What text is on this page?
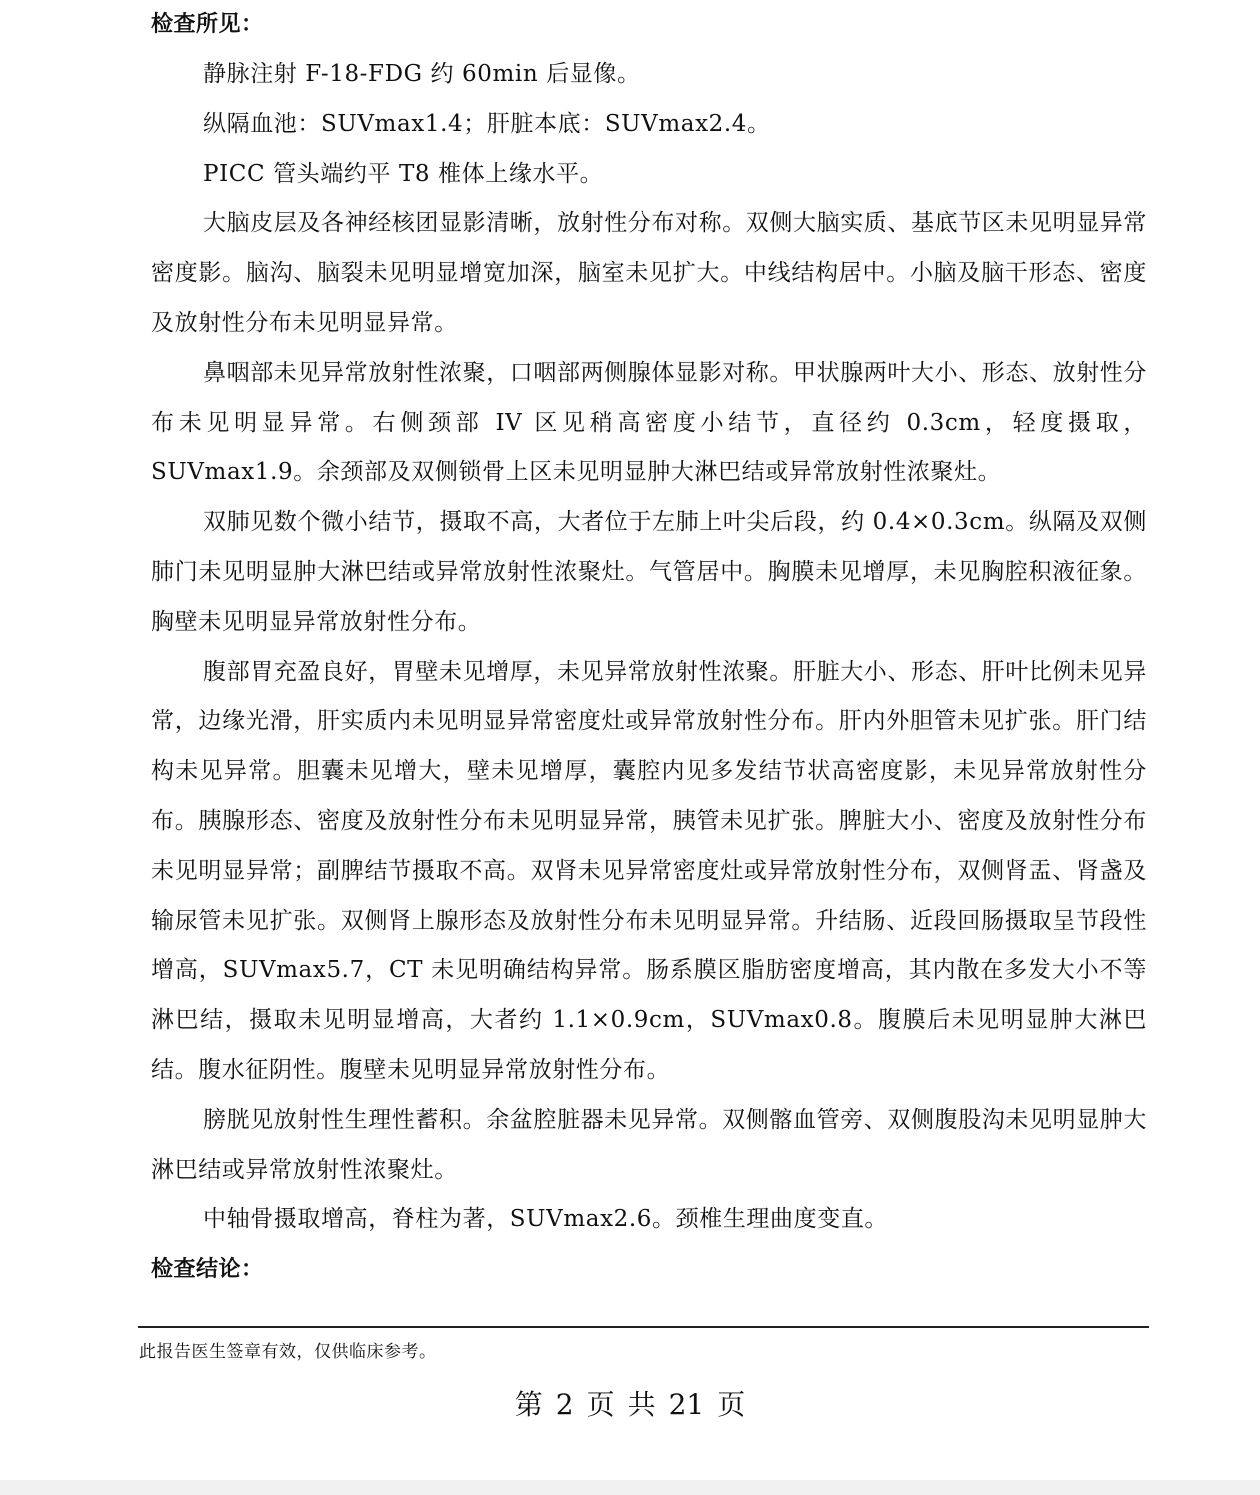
检查所见：

静脉注射 F-18-FDG 约 60min 后显像。

纵隔血池：SUVmax1.4；肝脏本底：SUVmax2.4。

PICC 管头端约平 T8 椎体上缘水平。

大脑皮层及各神经核团显影清晰，放射性分布对称。双侧大脑实质、基底节区未见明显异常密度影。脑沟、脑裂未见明显增宽加深，脑室未见扩大。中线结构居中。小脑及脑干形态、密度及放射性分布未见明显异常。

鼻咽部未见异常放射性浓聚，口咽部两侧腺体显影对称。甲状腺两叶大小、形态、放射性分布未见明显异常。右侧颈部 IV 区见稍高密度小结节，直径约 0.3cm，轻度摄取，SUVmax1.9。余颈部及双侧锁骨上区未见明显肿大淋巴结或异常放射性浓聚灶。

双肺见数个微小结节，摄取不高，大者位于左肺上叶尖后段，约 0.4×0.3cm。纵隔及双侧肺门未见明显肿大淋巴结或异常放射性浓聚灶。气管居中。胸膜未见增厚，未见胸腔积液征象。胸壁未见明显异常放射性分布。

腹部胃充盈良好，胃壁未见增厚，未见异常放射性浓聚。肝脏大小、形态、肝叶比例未见异常，边缘光滑，肝实质内未见明显异常密度灶或异常放射性分布。肝内外胆管未见扩张。肝门结构未见异常。胆囊未见增大，壁未见增厚，囊腔内见多发结节状高密度影，未见异常放射性分布。胰腺形态、密度及放射性分布未见明显异常，胰管未见扩张。脾脏大小、密度及放射性分布未见明显异常；副脾结节摄取不高。双肾未见异常密度灶或异常放射性分布，双侧肾盂、肾盏及输尿管未见扩张。双侧肾上腺形态及放射性分布未见明显异常。升结肠、近段回肠摄取呈节段性增高，SUVmax5.7，CT 未见明确结构异常。肠系膜区脂肪密度增高，其内散在多发大小不等淋巴结，摄取未见明显增高，大者约 1.1×0.9cm，SUVmax0.8。腹膜后未见明显肿大淋巴结。腹水征阴性。腹壁未见明显异常放射性分布。

膀胱见放射性生理性蓄积。余盆腔脏器未见异常。双侧髂血管旁、双侧腹股沟未见明显肿大淋巴结或异常放射性浓聚灶。

中轴骨摄取增高，脊柱为著，SUVmax2.6。颈椎生理曲度变直。

检查结论：
此报告医生签章有效，仅供临床参考。
第 2 页 共 21 页
